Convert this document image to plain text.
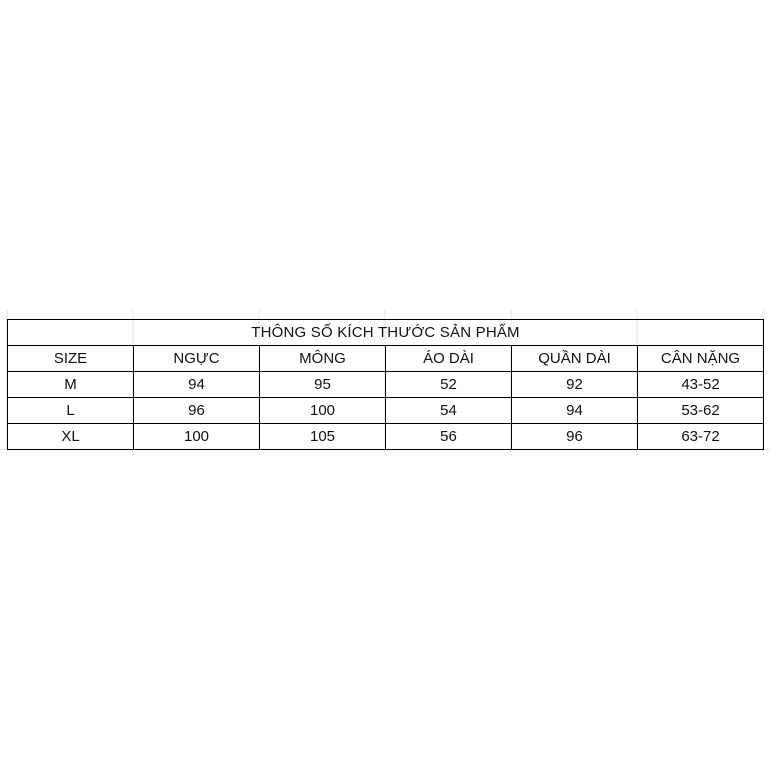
THÔNG SỐ KÍCH THƯỚC SẢN PHẨM					
SIZE	NGỰC	MÔNG	ÁO DÀI	QUẦN DÀI	CÂN NẶNG
M	94	95	52	92	43-52
L	96	100	54	94	53-62
XL	100	105	56	96	63-72
